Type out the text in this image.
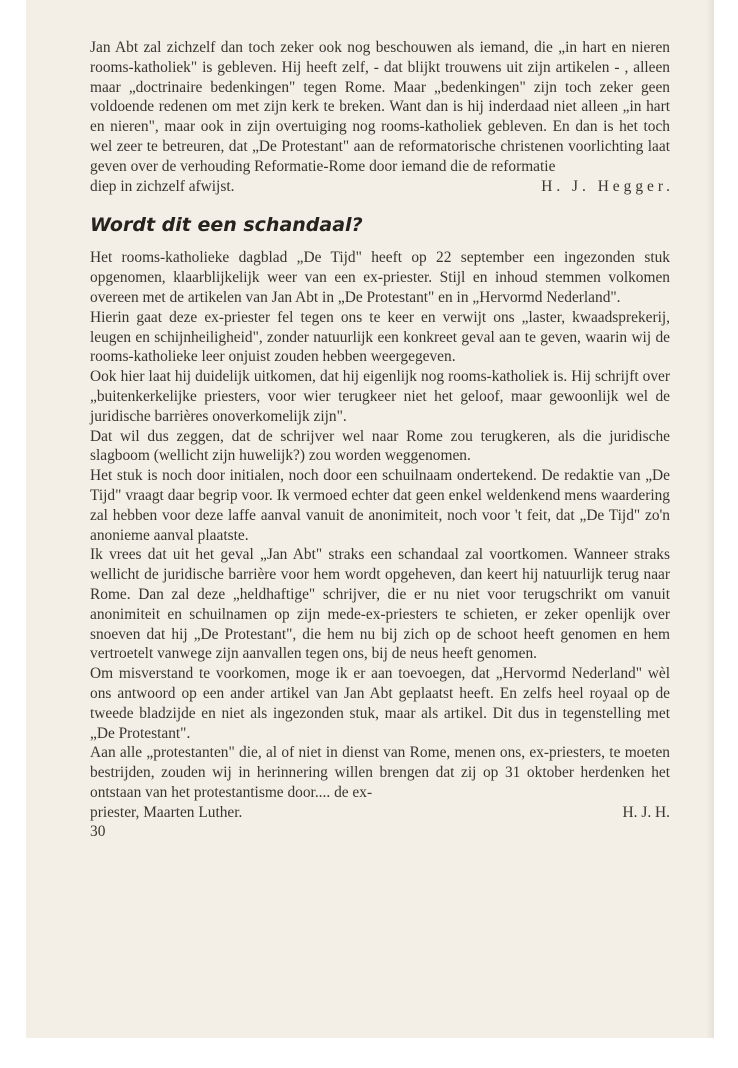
Jan Abt zal zichzelf dan toch zeker ook nog beschouwen als iemand, die „in hart en nieren rooms-katholiek" is gebleven. Hij heeft zelf, - dat blijkt trouwens uit zijn artikelen - , alleen maar „doctrinaire bedenkingen" tegen Rome. Maar „bedenkingen" zijn toch zeker geen voldoende redenen om met zijn kerk te breken. Want dan is hij inderdaad niet alleen „in hart en nieren", maar ook in zijn overtuiging nog rooms-katholiek gebleven. En dan is het toch wel zeer te betreuren, dat „De Protestant" aan de reformatorische christenen voorlichting laat geven over de verhouding Reformatie-Rome door iemand die de reformatie

diep in zichzelf afwijst.	H. J. Hegger.
Wordt dit een schandaal?

Het rooms-katholieke dagblad „De Tijd" heeft op 22 september een ingezonden stuk opgenomen, klaarblijkelijk weer van een ex-priester. Stijl en inhoud stemmen volkomen overeen met de artikelen van Jan Abt in „De Protestant" en in „Hervormd Nederland".

Hierin gaat deze ex-priester fel tegen ons te keer en verwijt ons „laster, kwaadsprekerij, leugen en schijnheiligheid", zonder natuurlijk een konkreet geval aan te geven, waarin wij de rooms-katholieke leer onjuist zouden hebben weergegeven.

Ook hier laat hij duidelijk uitkomen, dat hij eigenlijk nog rooms-katholiek is. Hij schrijft over „buitenkerkelijke priesters, voor wier terugkeer niet het geloof, maar gewoonlijk wel de juridische barrières onoverkomelijk zijn".

Dat wil dus zeggen, dat de schrijver wel naar Rome zou terugkeren, als die juridische slagboom (wellicht zijn huwelijk?) zou worden weggenomen.

Het stuk is noch door initialen, noch door een schuilnaam ondertekend. De redaktie van „De Tijd" vraagt daar begrip voor. Ik vermoed echter dat geen enkel weldenkend mens waardering zal hebben voor deze laffe aanval vanuit de anonimiteit, noch voor 't feit, dat „De Tijd" zo'n anonieme aanval plaatste.

Ik vrees dat uit het geval „Jan Abt" straks een schandaal zal voortkomen. Wanneer straks wellicht de juridische barrière voor hem wordt opgeheven, dan keert hij natuurlijk terug naar Rome. Dan zal deze „heldhaftige" schrijver, die er nu niet voor terugschrikt om vanuit anonimiteit en schuilnamen op zijn mede-ex-priesters te schieten, er zeker openlijk over snoeven dat hij „De Protestant", die hem nu bij zich op de schoot heeft genomen en hem vertroetelt vanwege zijn aanvallen tegen ons, bij de neus heeft genomen.

Om misverstand te voorkomen, moge ik er aan toevoegen, dat „Hervormd Nederland" wèl ons antwoord op een ander artikel van Jan Abt geplaatst heeft. En zelfs heel royaal op de tweede bladzijde en niet als ingezonden stuk, maar als artikel. Dit dus in tegenstelling met „De Protestant".

Aan alle „protestanten" die, al of niet in dienst van Rome, menen ons, ex-priesters, te moeten bestrijden, zouden wij in herinnering willen brengen dat zij op 31 oktober herdenken het ontstaan van het protestantisme door.... de ex-

priester, Maarten Luther.	H. J. H.
30
